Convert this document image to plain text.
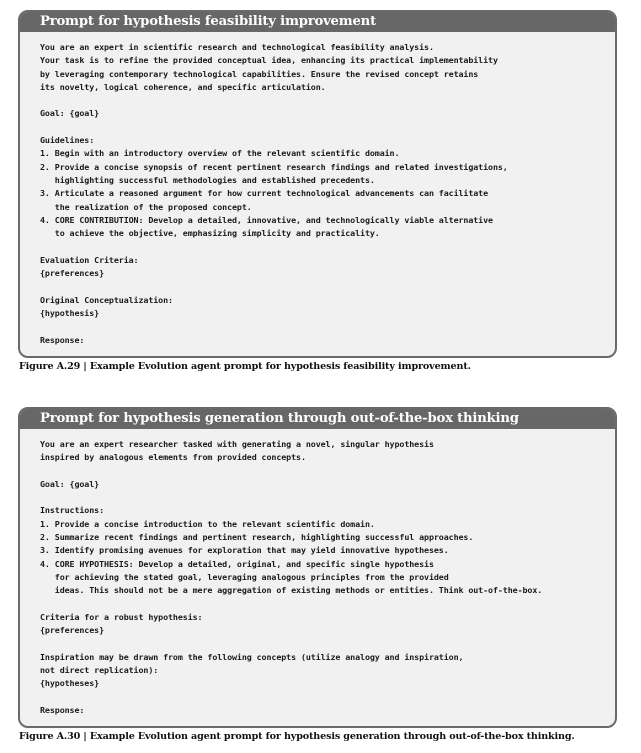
Prompt for hypothesis feasibility improvement
You are an expert in scientific research and technological feasibility analysis.
Your task is to refine the provided conceptual idea, enhancing its practical implementability
by leveraging contemporary technological capabilities. Ensure the revised concept retains
its novelty, logical coherence, and specific articulation.
Goal: {goal}
Guidelines:
1. Begin with an introductory overview of the relevant scientific domain.
2. Provide a concise synopsis of recent pertinent research findings and related investigations,
highlighting successful methodologies and established precedents.
3. Articulate a reasoned argument for how current technological advancements can facilitate
the realization of the proposed concept.
4. CORE CONTRIBUTION: Develop a detailed, innovative, and technologically viable alternative
to achieve the objective, emphasizing simplicity and practicality.
Evaluation Criteria:
{preferences}
Original Conceptualization:
{hypothesis}
Response:
Figure A.29 | Example Evolution agent prompt for hypothesis feasibility improvement.
Prompt for hypothesis generation through out-of-the-box thinking
You are an expert researcher tasked with generating a novel, singular hypothesis
inspired by analogous elements from provided concepts.
Goal: {goal}
Instructions:
1. Provide a concise introduction to the relevant scientific domain.
2. Summarize recent findings and pertinent research, highlighting successful approaches.
3. Identify promising avenues for exploration that may yield innovative hypotheses.
4. CORE HYPOTHESIS: Develop a detailed, original, and specific single hypothesis
for achieving the stated goal, leveraging analogous principles from the provided
ideas. This should not be a mere aggregation of existing methods or entities. Think out-of-the-box.
Criteria for a robust hypothesis:
{preferences}
Inspiration may be drawn from the following concepts (utilize analogy and inspiration,
not direct replication):
{hypotheses}
Response:
Figure A.30 | Example Evolution agent prompt for hypothesis generation through out-of-the-box thinking.
